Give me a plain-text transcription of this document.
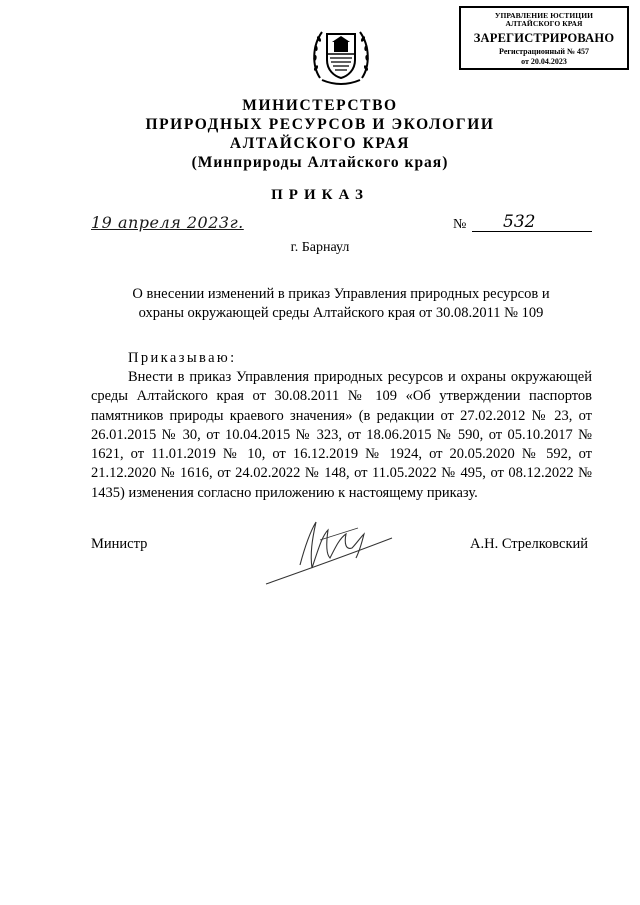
УПРАВЛЕНИЕ ЮСТИЦИИ
АЛТАЙСКОГО КРАЯ
ЗАРЕГИСТРИРОВАНО
Регистрационный № 457
от 20.04.2023
МИНИСТЕРСТВО
ПРИРОДНЫХ РЕСУРСОВ И ЭКОЛОГИИ
АЛТАЙСКОГО КРАЯ
(Минприроды Алтайского края)
ПРИКАЗ
19 апреля 2023г.	№ 532
г. Барнаул
О внесении изменений в приказ Управления природных ресурсов и
охраны окружающей среды Алтайского края от 30.08.2011 № 109
Приказываю:
Внести в приказ Управления природных ресурсов и охраны окружающей среды Алтайского края от 30.08.2011 № 109 «Об утверждении паспортов памятников природы краевого значения» (в редакции от 27.02.2012 № 23, от 26.01.2015 № 30, от 10.04.2015 № 323, от 18.06.2015 № 590, от 05.10.2017 № 1621, от 11.01.2019 № 10, от 16.12.2019 № 1924, от 20.05.2020 № 592, от 21.12.2020 № 1616, от 24.02.2022 № 148, от 11.05.2022 № 495, от 08.12.2022 № 1435) изменения согласно приложению к настоящему приказу.
Министр	А.Н. Стрелковский
